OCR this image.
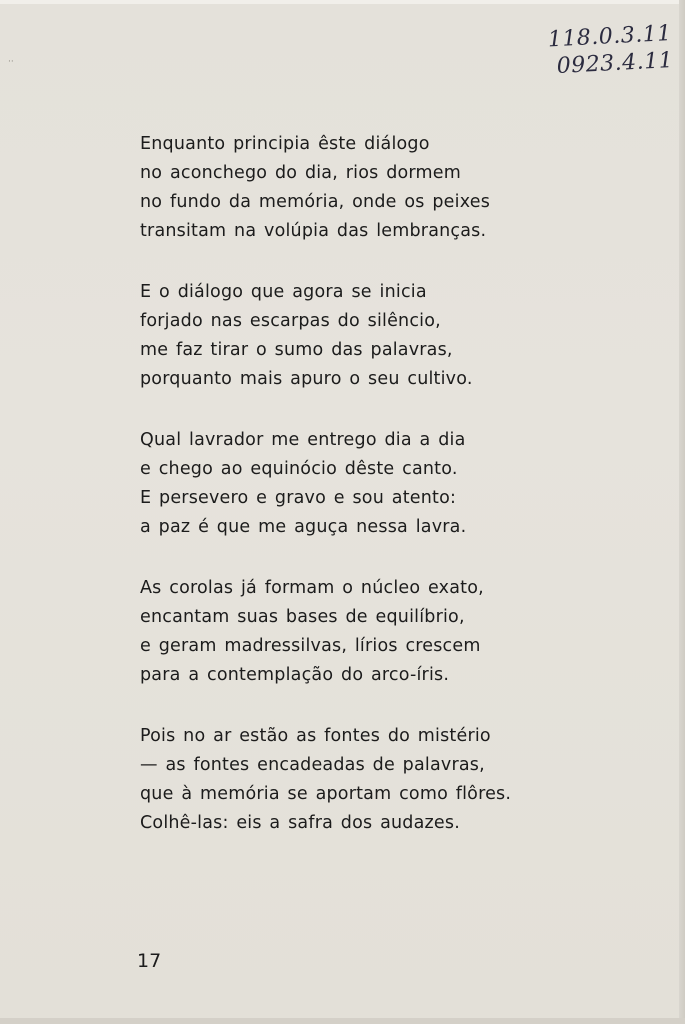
··
118.0.3.11
0923.4.11
Enquanto principia êste diálogo
no aconchego do dia, rios dormem
no fundo da memória, onde os peixes
transitam na volúpia das lembranças.
E o diálogo que agora se inicia
forjado nas escarpas do silêncio,
me faz tirar o sumo das palavras,
porquanto mais apuro o seu cultivo.
Qual lavrador me entrego dia a dia
e chego ao equinócio dêste canto.
E persevero e gravo e sou atento:
a paz é que me aguça nessa lavra.
As corolas já formam o núcleo exato,
encantam suas bases de equilíbrio,
e geram madressilvas, lírios crescem
para a contemplação do arco-íris.
Pois no ar estão as fontes do mistério
— as fontes encadeadas de palavras,
que à memória se aportam como flôres.
Colhê-las: eis a safra dos audazes.
17
